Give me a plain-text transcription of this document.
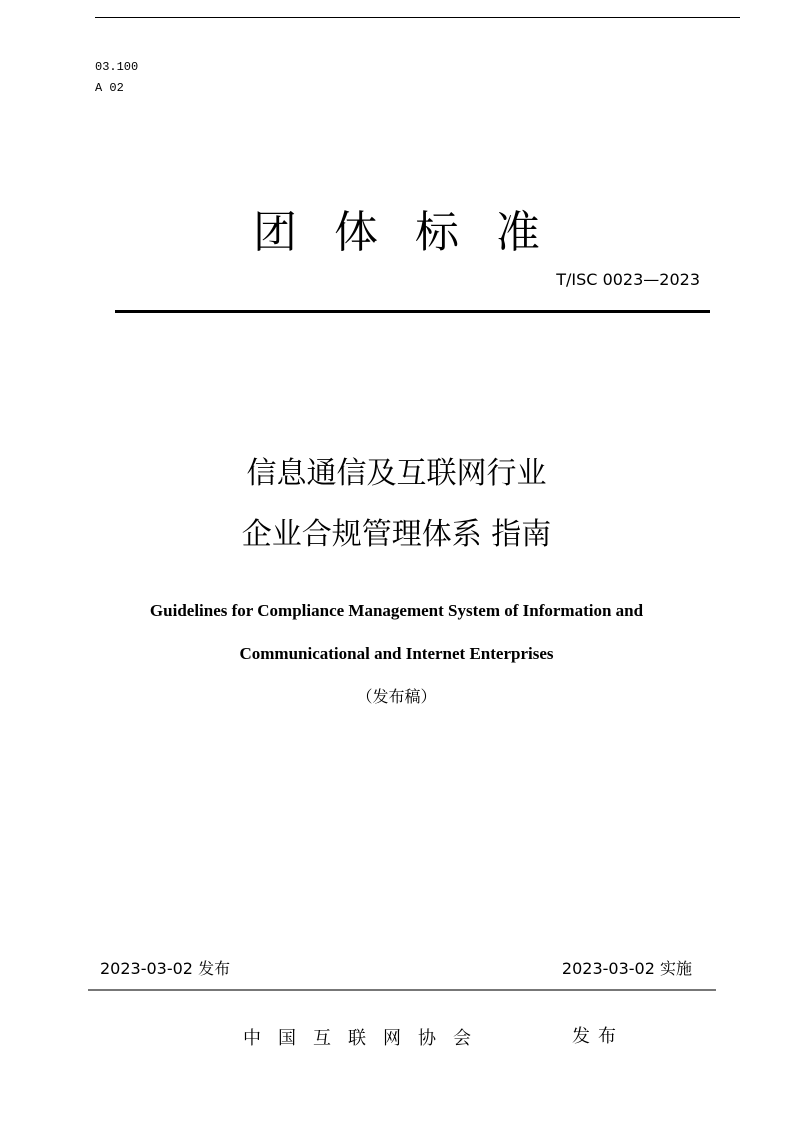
03.100
A 02
团体标准
T/ISC 0023—2023
信息通信及互联网行业
企业合规管理体系 指南
Guidelines for Compliance Management System of Information and
Communicational and Internet Enterprises
（发布稿）
2023-03-02 发布	2023-03-02 实施
中国互联网协会	发布
